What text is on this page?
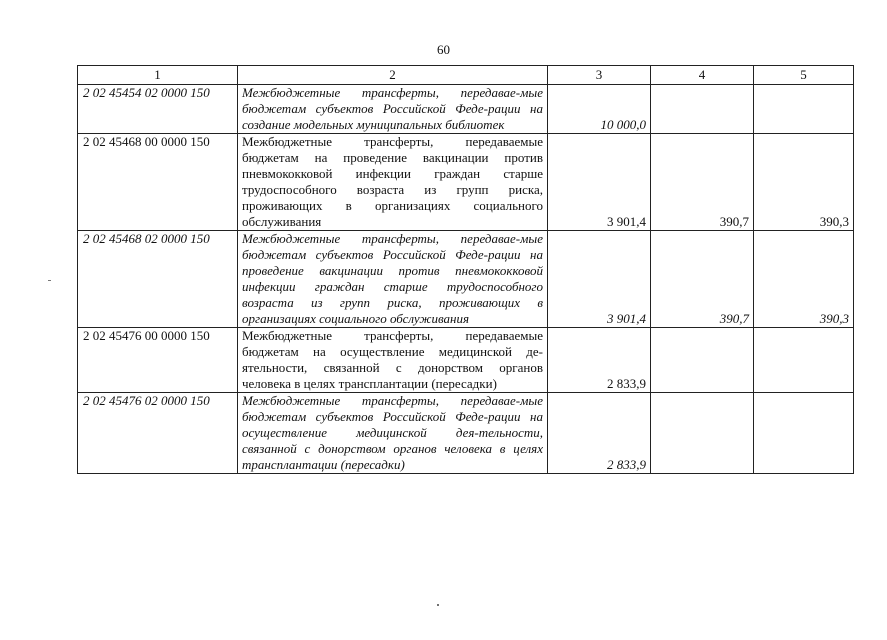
60
1	2	3	4	5
2 02 45454 02 0000 150	Межбюджетные трансферты, передавае-мые бюджетам субъектов Российской Феде-рации на создание модельных муниципальных библиотек	10 000,0		
2 02 45468 00 0000 150	Межбюджетные трансферты, передаваемые бюджетам на проведение вакцинации против пневмококковой инфекции граждан старше трудоспособного возраста из групп риска, проживающих в организациях социального обслуживания	3 901,4	390,7	390,3
2 02 45468 02 0000 150	Межбюджетные трансферты, передавае-мые бюджетам субъектов Российской Феде-рации на проведение вакцинации против пневмококковой инфекции граждан старше трудоспособного возраста из групп риска, проживающих в организациях социального обслуживания	3 901,4	390,7	390,3
2 02 45476 00 0000 150	Межбюджетные трансферты, передаваемые бюджетам на осуществление медицинской де-ятельности, связанной с донорством органов человека в целях трансплантации (пересадки)	2 833,9		
2 02 45476 02 0000 150	Межбюджетные трансферты, передавае-мые бюджетам субъектов Российской Феде-рации на осуществление медицинской дея-тельности, связанной с донорством органов человека в целях трансплантации (пересадки)	2 833,9		
